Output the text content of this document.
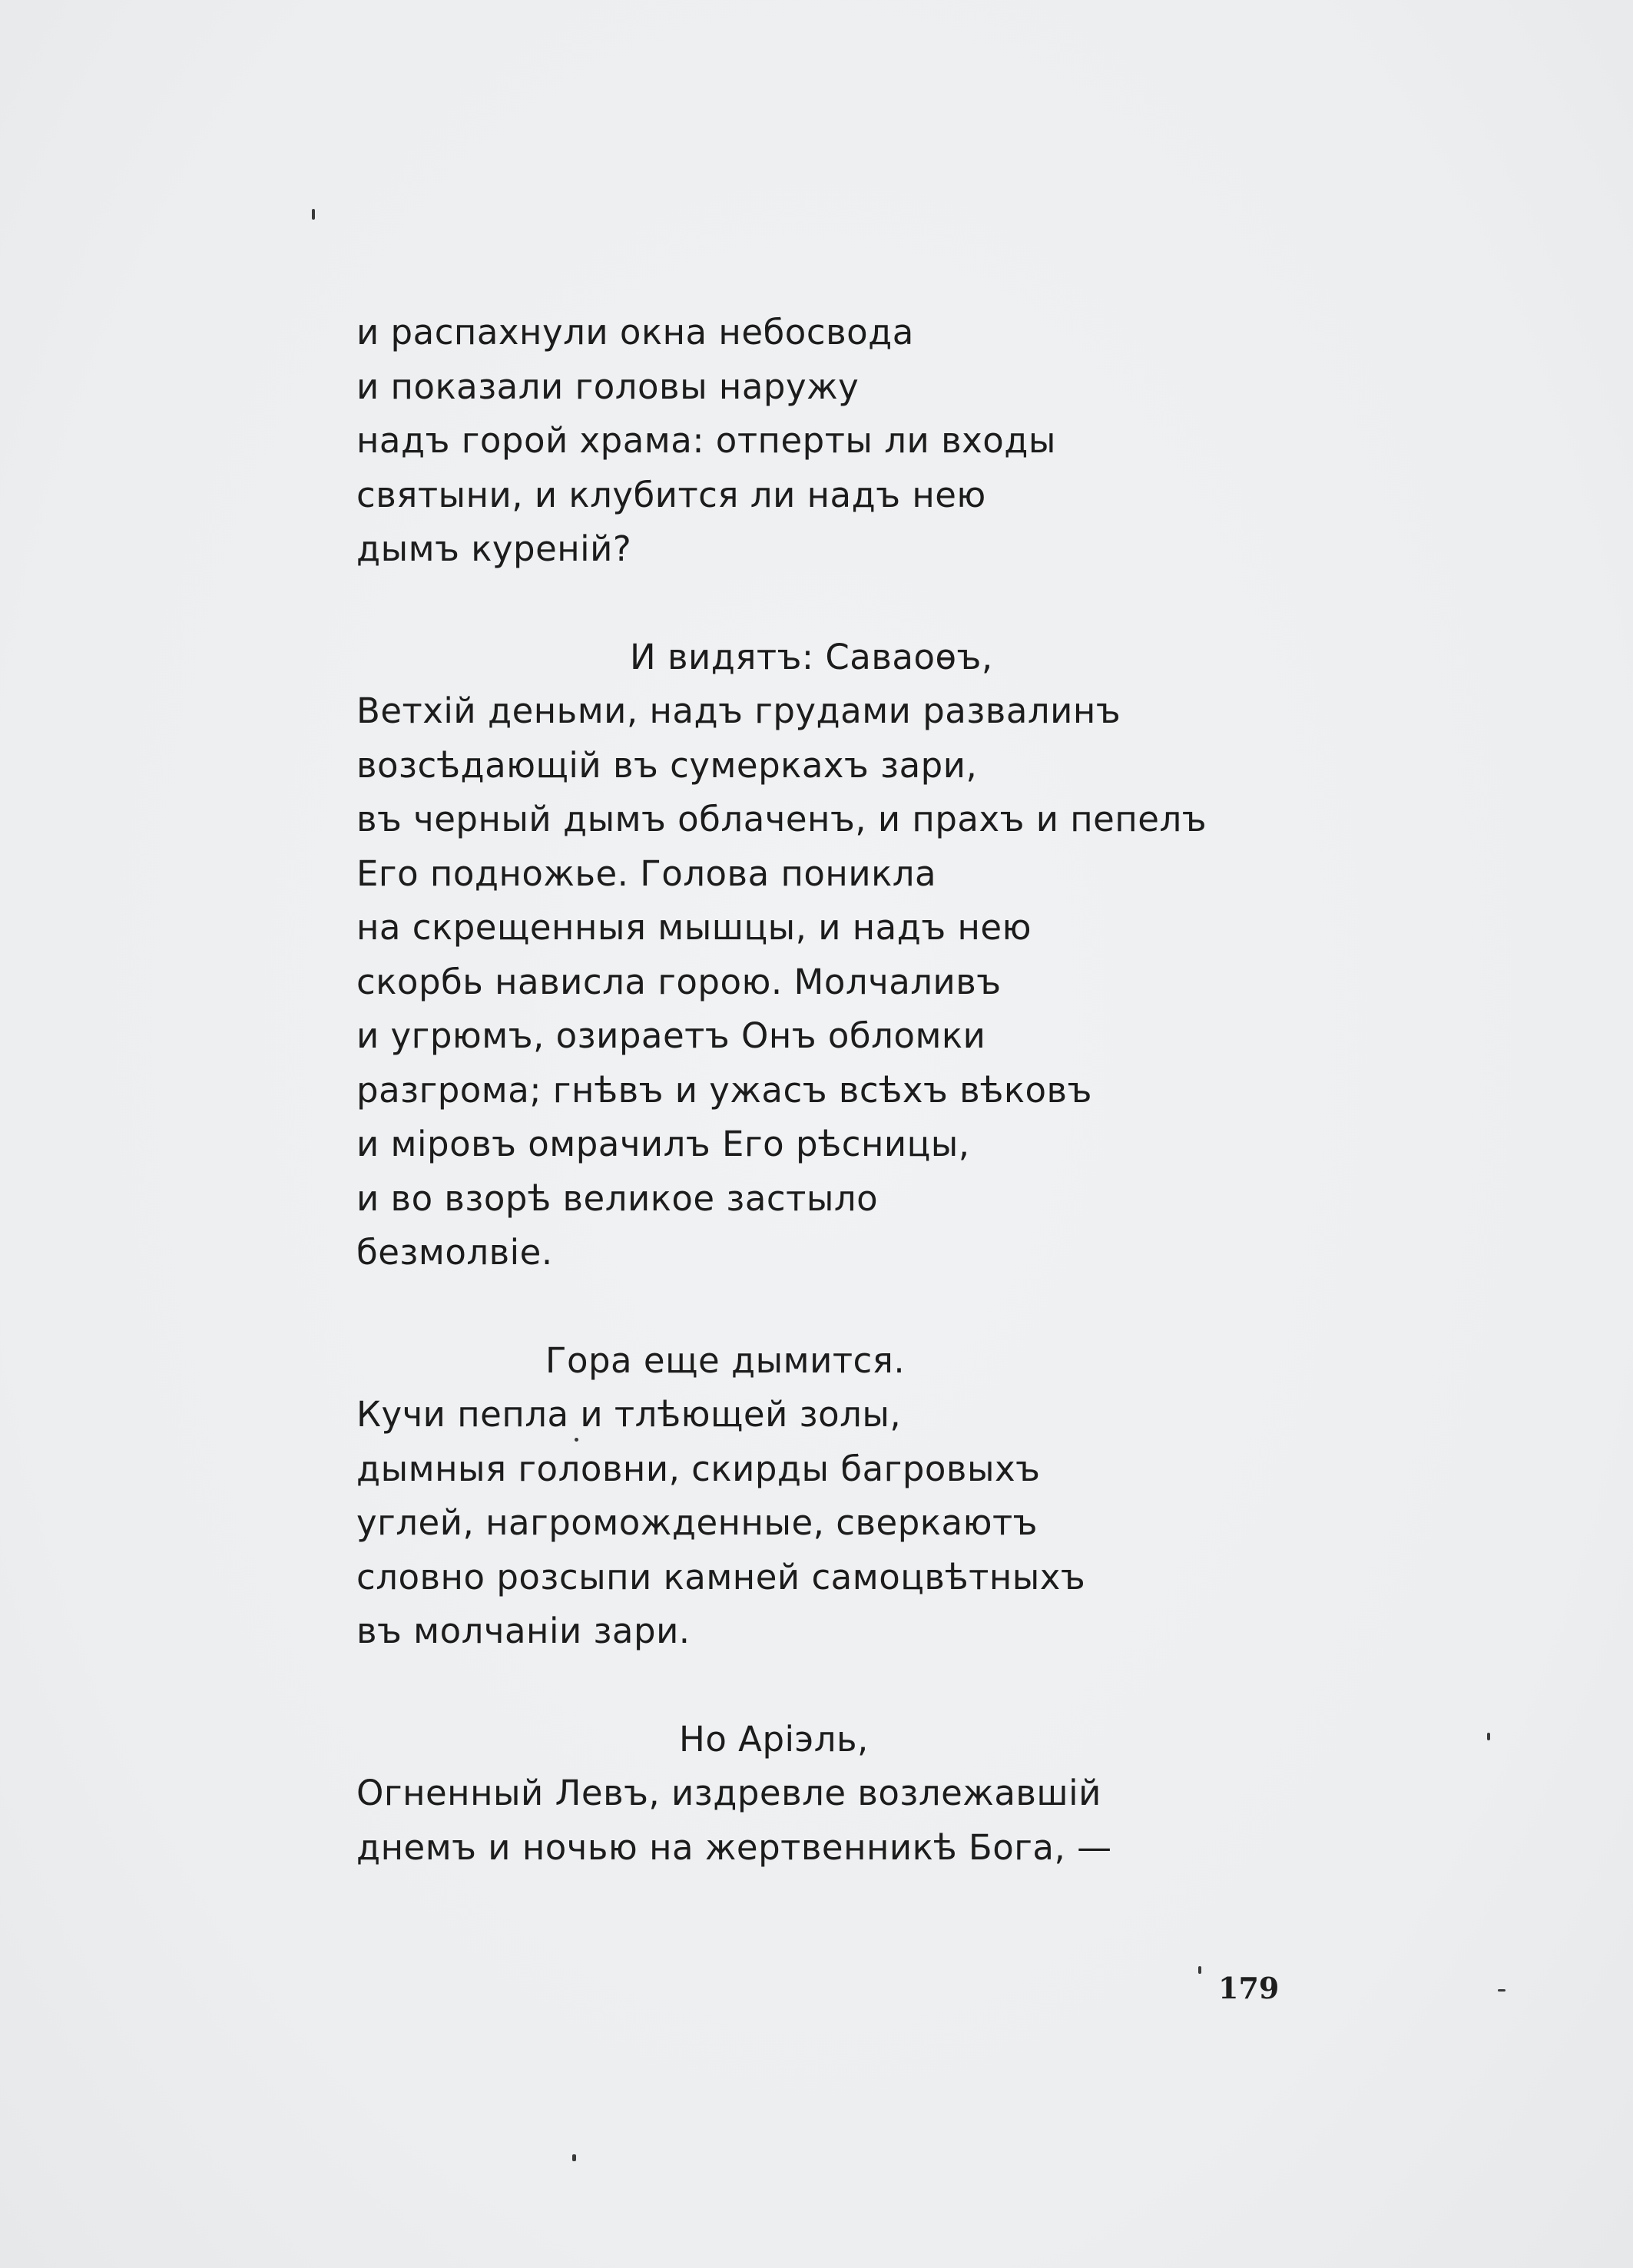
и распахнули окна небосвода
и показали головы наружу
надъ горой храма: отперты ли входы
святыни, и клубится ли надъ нею
дымъ куреній?
И видятъ: Саваоѳъ,
Ветхій деньми, надъ грудами развалинъ
возсѣдающій въ сумеркахъ зари,
въ черный дымъ облаченъ, и прахъ и пепелъ
Его подножье. Голова поникла
на скрещенныя мышцы, и надъ нею
скорбь нависла горою. Молчаливъ
и угрюмъ, озираетъ Онъ обломки
разгрома; гнѣвъ и ужасъ всѣхъ вѣковъ
и міровъ омрачилъ Его рѣсницы,
и во взорѣ великое застыло
безмолвіе.
Гора еще дымится.
Кучи пепла и тлѣющей золы,
дымныя головни, скирды багровыхъ
углей, нагроможденные, сверкаютъ
словно розсыпи камней самоцвѣтныхъ
въ молчаніи зари.
Но Аріэль,
Огненный Левъ, издревле возлежавшій
днемъ и ночью на жертвенникѣ Бога, —
179
